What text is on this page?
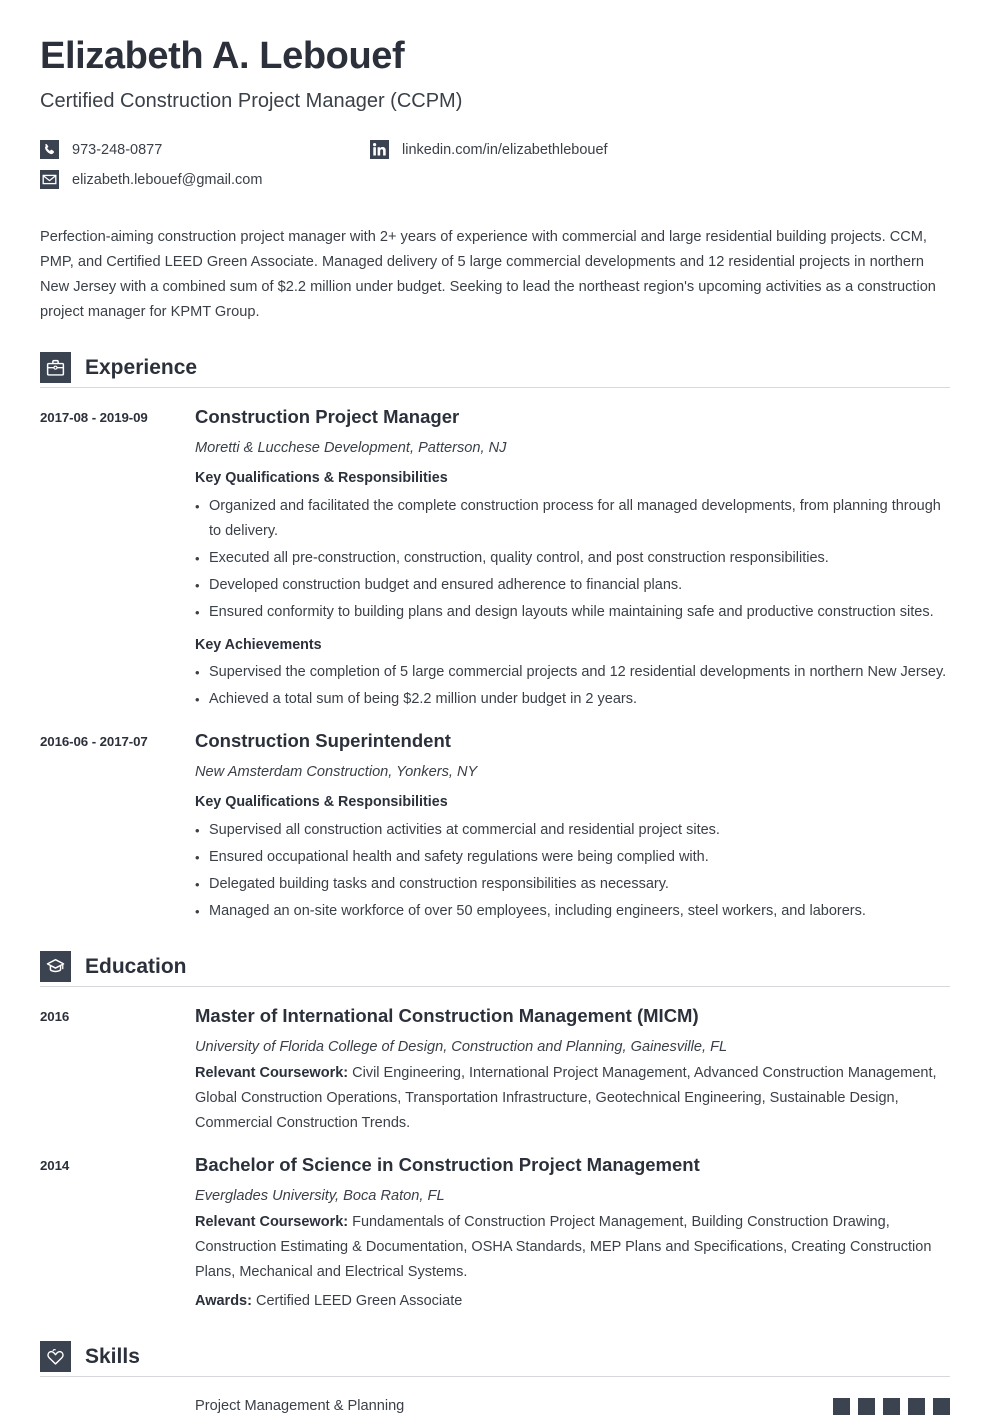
Elizabeth A. Lebouef
Certified Construction Project Manager (CCPM)
973-248-0877	linkedin.com/in/elizabethlebouef
elizabeth.lebouef@gmail.com
Perfection-aiming construction project manager with 2+ years of experience with commercial and large residential building projects. CCM, PMP, and Certified LEED Green Associate. Managed delivery of 5 large commercial developments and 12 residential projects in northern New Jersey with a combined sum of $2.2 million under budget. Seeking to lead the northeast region's upcoming activities as a construction project manager for KPMT Group.
Experience
2017-08 - 2019-09	Construction Project Manager
Moretti & Lucchese Development, Patterson, NJ
Key Qualifications & Responsibilities
• Organized and facilitated the complete construction process for all managed developments, from planning through to delivery.
• Executed all pre-construction, construction, quality control, and post construction responsibilities.
• Developed construction budget and ensured adherence to financial plans.
• Ensured conformity to building plans and design layouts while maintaining safe and productive construction sites.
Key Achievements
• Supervised the completion of 5 large commercial projects and 12 residential developments in northern New Jersey.
• Achieved a total sum of being $2.2 million under budget in 2 years.
2016-06 - 2017-07	Construction Superintendent
New Amsterdam Construction, Yonkers, NY
Key Qualifications & Responsibilities
• Supervised all construction activities at commercial and residential project sites.
• Ensured occupational health and safety regulations were being complied with.
• Delegated building tasks and construction responsibilities as necessary.
• Managed an on-site workforce of over 50 employees, including engineers, steel workers, and laborers.
Education
2016	Master of International Construction Management (MICM)
University of Florida College of Design, Construction and Planning, Gainesville, FL
Relevant Coursework: Civil Engineering, International Project Management, Advanced Construction Management, Global Construction Operations, Transportation Infrastructure, Geotechnical Engineering, Sustainable Design, Commercial Construction Trends.
2014	Bachelor of Science in Construction Project Management
Everglades University, Boca Raton, FL
Relevant Coursework: Fundamentals of Construction Project Management, Building Construction Drawing, Construction Estimating & Documentation, OSHA Standards, MEP Plans and Specifications, Creating Construction Plans, Mechanical and Electrical Systems.
Awards: Certified LEED Green Associate
Skills
Project Management & Planning
